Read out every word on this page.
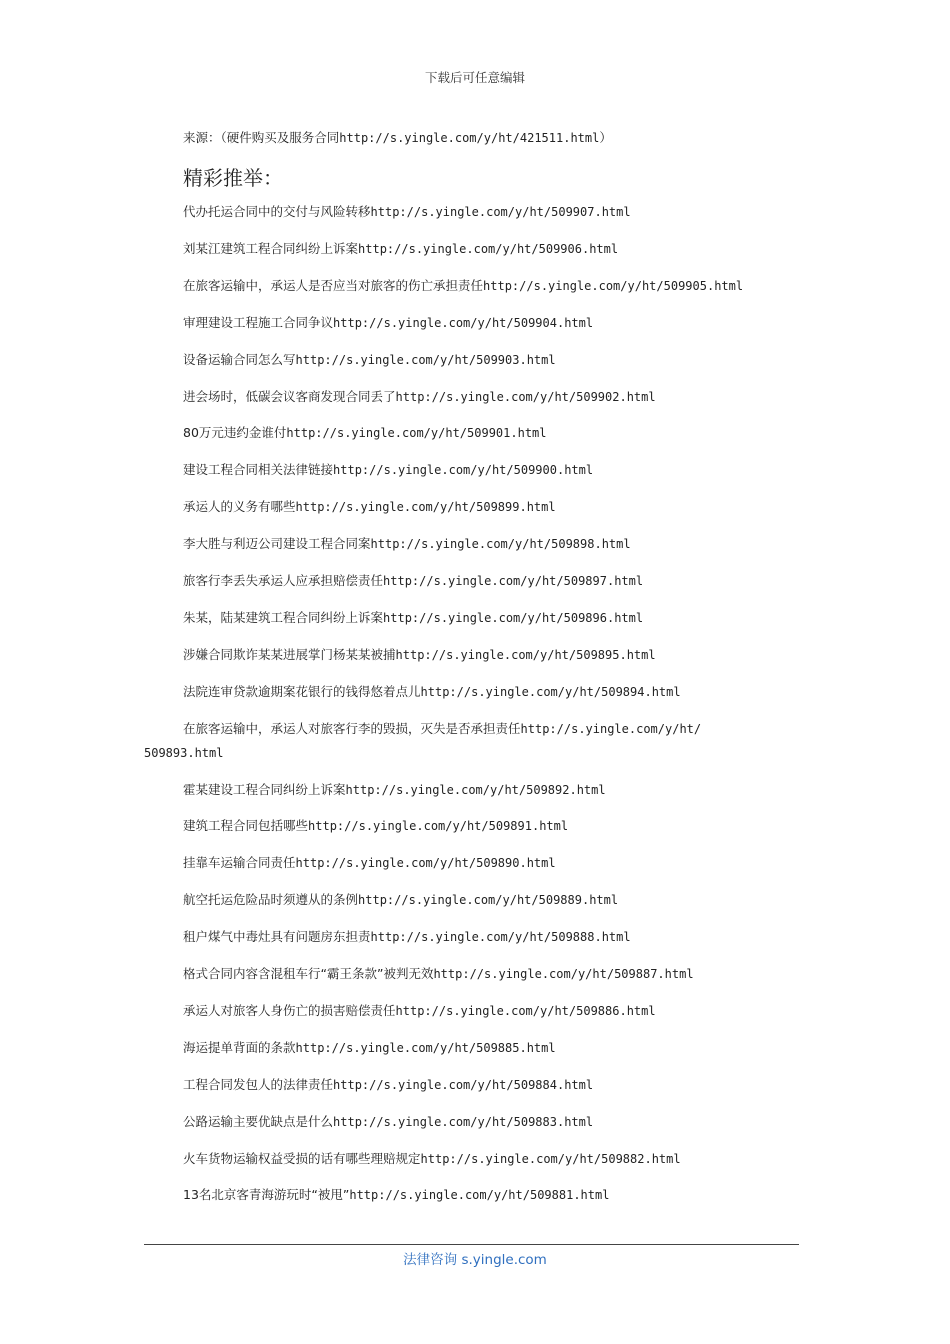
下载后可任意编辑
来源：（硬件购买及服务合同http://s.yingle.com/y/ht/421511.html）
精彩推举：
代办托运合同中的交付与风险转移http://s.yingle.com/y/ht/509907.html
刘某江建筑工程合同纠纷上诉案http://s.yingle.com/y/ht/509906.html
在旅客运输中，承运人是否应当对旅客的伤亡承担责任http://s.yingle.com/y/ht/509905.html
审理建设工程施工合同争议http://s.yingle.com/y/ht/509904.html
设备运输合同怎么写http://s.yingle.com/y/ht/509903.html
进会场时，低碳会议客商发现合同丢了http://s.yingle.com/y/ht/509902.html
80万元违约金谁付http://s.yingle.com/y/ht/509901.html
建设工程合同相关法律链接http://s.yingle.com/y/ht/509900.html
承运人的义务有哪些http://s.yingle.com/y/ht/509899.html
李大胜与利迈公司建设工程合同案http://s.yingle.com/y/ht/509898.html
旅客行李丢失承运人应承担赔偿责任http://s.yingle.com/y/ht/509897.html
朱某，陆某建筑工程合同纠纷上诉案http://s.yingle.com/y/ht/509896.html
涉嫌合同欺诈某某进展掌门杨某某被捕http://s.yingle.com/y/ht/509895.html
法院连审贷款逾期案花银行的钱得悠着点儿http://s.yingle.com/y/ht/509894.html
在旅客运输中，承运人对旅客行李的毁损，灭失是否承担责任http://s.yingle.com/y/ht/
509893.html
霍某建设工程合同纠纷上诉案http://s.yingle.com/y/ht/509892.html
建筑工程合同包括哪些http://s.yingle.com/y/ht/509891.html
挂靠车运输合同责任http://s.yingle.com/y/ht/509890.html
航空托运危险品时须遵从的条例http://s.yingle.com/y/ht/509889.html
租户煤气中毒灶具有问题房东担责http://s.yingle.com/y/ht/509888.html
格式合同内容含混租车行“霸王条款”被判无效http://s.yingle.com/y/ht/509887.html
承运人对旅客人身伤亡的损害赔偿责任http://s.yingle.com/y/ht/509886.html
海运提单背面的条款http://s.yingle.com/y/ht/509885.html
工程合同发包人的法律责任http://s.yingle.com/y/ht/509884.html
公路运输主要优缺点是什么http://s.yingle.com/y/ht/509883.html
火车货物运输权益受损的话有哪些理赔规定http://s.yingle.com/y/ht/509882.html
13名北京客青海游玩时“被甩”http://s.yingle.com/y/ht/509881.html
法律咨询 s.yingle.com
